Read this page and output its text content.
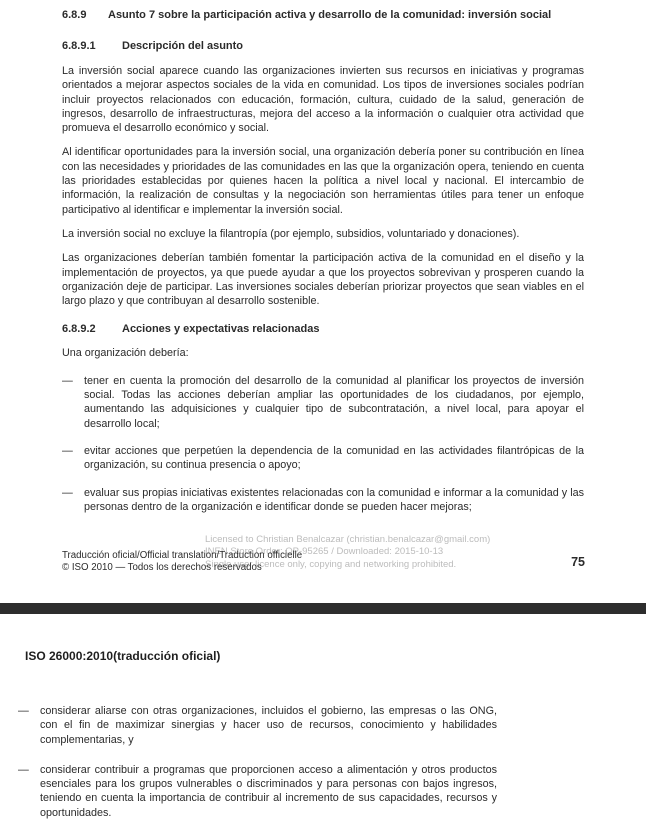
6.8.9 Asunto 7 sobre la participación activa y desarrollo de la comunidad: inversión social

6.8.9.1 Descripción del asunto

La inversión social aparece cuando las organizaciones invierten sus recursos en iniciativas y programas orientados a mejorar aspectos sociales de la vida en comunidad. Los tipos de inversiones sociales podrían incluir proyectos relacionados con educación, formación, cultura, cuidado de la salud, generación de ingresos, desarrollo de infraestructuras, mejora del acceso a la información o cualquier otra actividad que promueva el desarrollo económico y social.

Al identificar oportunidades para la inversión social, una organización debería poner su contribución en línea con las necesidades y prioridades de las comunidades en las que la organización opera, teniendo en cuenta las prioridades establecidas por quienes hacen la política a nivel local y nacional. El intercambio de información, la realización de consultas y la negociación son herramientas útiles para tener un enfoque participativo al identificar e implementar la inversión social.

La inversión social no excluye la filantropía (por ejemplo, subsidios, voluntariado y donaciones).

Las organizaciones deberían también fomentar la participación activa de la comunidad en el diseño y la implementación de proyectos, ya que puede ayudar a que los proyectos sobrevivan y prosperen cuando la organización deje de participar. Las inversiones sociales deberían priorizar proyectos que sean viables en el largo plazo y que contribuyan al desarrollo sostenible.

6.8.9.2 Acciones y expectativas relacionadas

Una organización debería:

—	tener en cuenta la promoción del desarrollo de la comunidad al planificar los proyectos de inversión social. Todas las acciones deberían ampliar las oportunidades de los ciudadanos, por ejemplo, aumentando las adquisiciones y cualquier tipo de subcontratación, a nivel local, para apoyar el desarrollo local;
—	evitar acciones que perpetúen la dependencia de la comunidad en las actividades filantrópicas de la organización, su continua presencia o apoyo;
—	evaluar sus propias iniciativas existentes relacionadas con la comunidad e informar a la comunidad y las personas dentro de la organización e identificar donde se pueden hacer mejoras;
Licensed to Christian Benalcazar (christian.benalcazar@gmail.com)
INEN Store Order: OP-95265 / Downloaded: 2015-10-13
Single user licence only, copying and networking prohibited.
Traducción oficial/Official translation/Traduction officielle
© ISO 2010 — Todos los derechos reservados	75
ISO 26000:2010(traducción oficial)
—	considerar aliarse con otras organizaciones, incluidos el gobierno, las empresas o las ONG, con el fin de maximizar sinergias y hacer uso de recursos, conocimiento y habilidades complementarias, y
—	considerar contribuir a programas que proporcionen acceso a alimentación y otros productos esenciales para los grupos vulnerables o discriminados y para personas con bajos ingresos, teniendo en cuenta la importancia de contribuir al incremento de sus capacidades, recursos y oportunidades.
